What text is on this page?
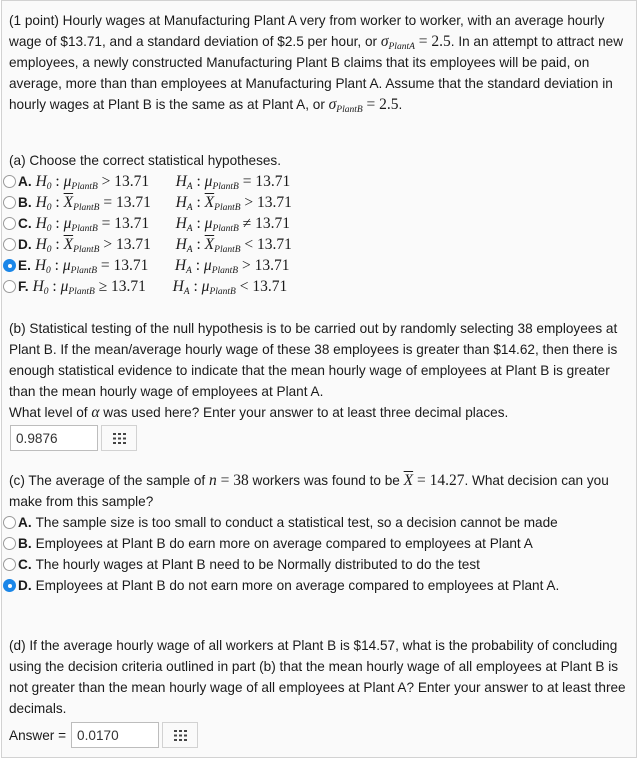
(1 point) Hourly wages at Manufacturing Plant A very from worker to worker, with an average hourly wage of $13.71, and a standard deviation of $2.5 per hour, or $\sigma_{PlantA} = 2.5$. In an attempt to attract new employees, a newly constructed Manufacturing Plant B claims that its employees will be paid, on average, more than than employees at Manufacturing Plant A. Assume that the standard deviation in hourly wages at Plant B is the same as at Plant A, or $\sigma_{PlantB} = 2.5$.
(a) Choose the correct statistical hypotheses.
A. $H_0$ : $\mu_{PlantB} > 13.71$ $H_A$ : $\mu_{PlantB} = 13.71$
B. $H_0$ : $\overline{X}_{PlantB} = 13.71$ $H_A$ : $\overline{X}_{PlantB} > 13.71$
C. $H_0$ : $\mu_{PlantB} = 13.71$ $H_A$ : $\mu_{PlantB} \ne 13.71$
D. $H_0$ : $\overline{X}_{PlantB} > 13.71$ $H_A$ : $\overline{X}_{PlantB} < 13.71$
E. $H_0$ : $\mu_{PlantB} = 13.71$ $H_A$ : $\mu_{PlantB} > 13.71$
F. $H_0$ : $\mu_{PlantB} \ge 13.71$ $H_A$ : $\mu_{PlantB} < 13.71$
(b) Statistical testing of the null hypothesis is to be carried out by randomly selecting 38 employees at Plant B. If the mean/average hourly wage of these 38 employees is greater than $14.62, then there is enough statistical evidence to indicate that the mean hourly wage of employees at Plant B is greater than the mean hourly wage of employees at Plant A.
What level of α was used here? Enter your answer to at least three decimal places.
0.9876
(c) The average of the sample of n = 38 workers was found to be $\overline{X} = 14.27$. What decision can you make from this sample?
A. The sample size is too small to conduct a statistical test, so a decision cannot be made
B. Employees at Plant B do earn more on average compared to employees at Plant A
C. The hourly wages at Plant B need to be Normally distributed to do the test
D. Employees at Plant B do not earn more on average compared to employees at Plant A.
(d) If the average hourly wage of all workers at Plant B is $14.57, what is the probability of concluding using the decision criteria outlined in part (b) that the mean hourly wage of all employees at Plant B is not greater than the mean hourly wage of all employees at Plant A? Enter your answer to at least three decimals.
Answer =
0.0170
